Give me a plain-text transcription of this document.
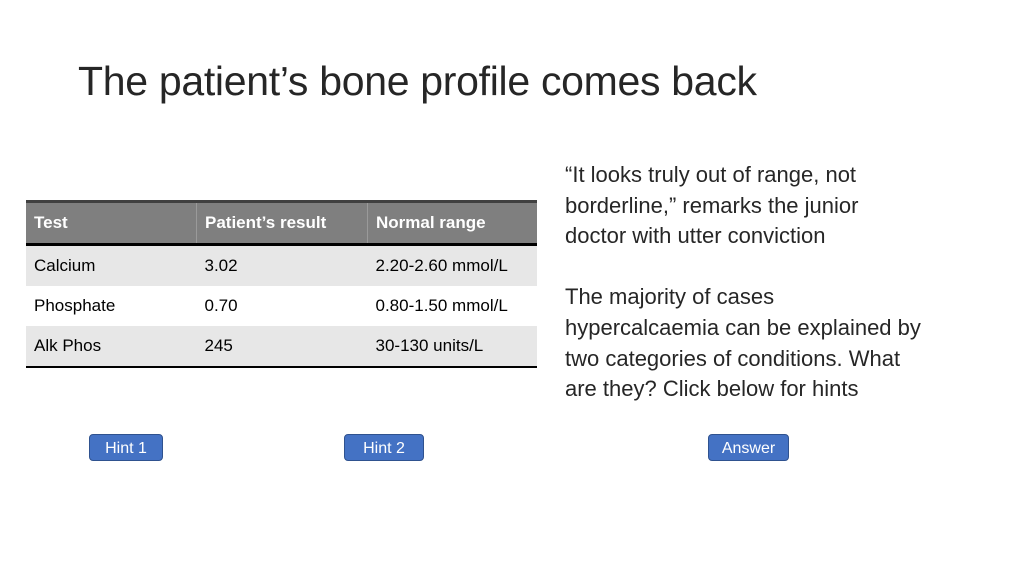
The patient’s bone profile comes back
Test	Patient’s result	Normal range
Calcium	3.02	2.20-2.60 mmol/L
Phosphate	0.70	0.80-1.50 mmol/L
Alk Phos	245	30-130 units/L

“It looks truly out of range, not borderline,” remarks the junior doctor with utter conviction

The majority of cases hypercalcaemia can be explained by two categories of conditions. What are they? Click below for hints

Hint 1	Hint 2	Answer
